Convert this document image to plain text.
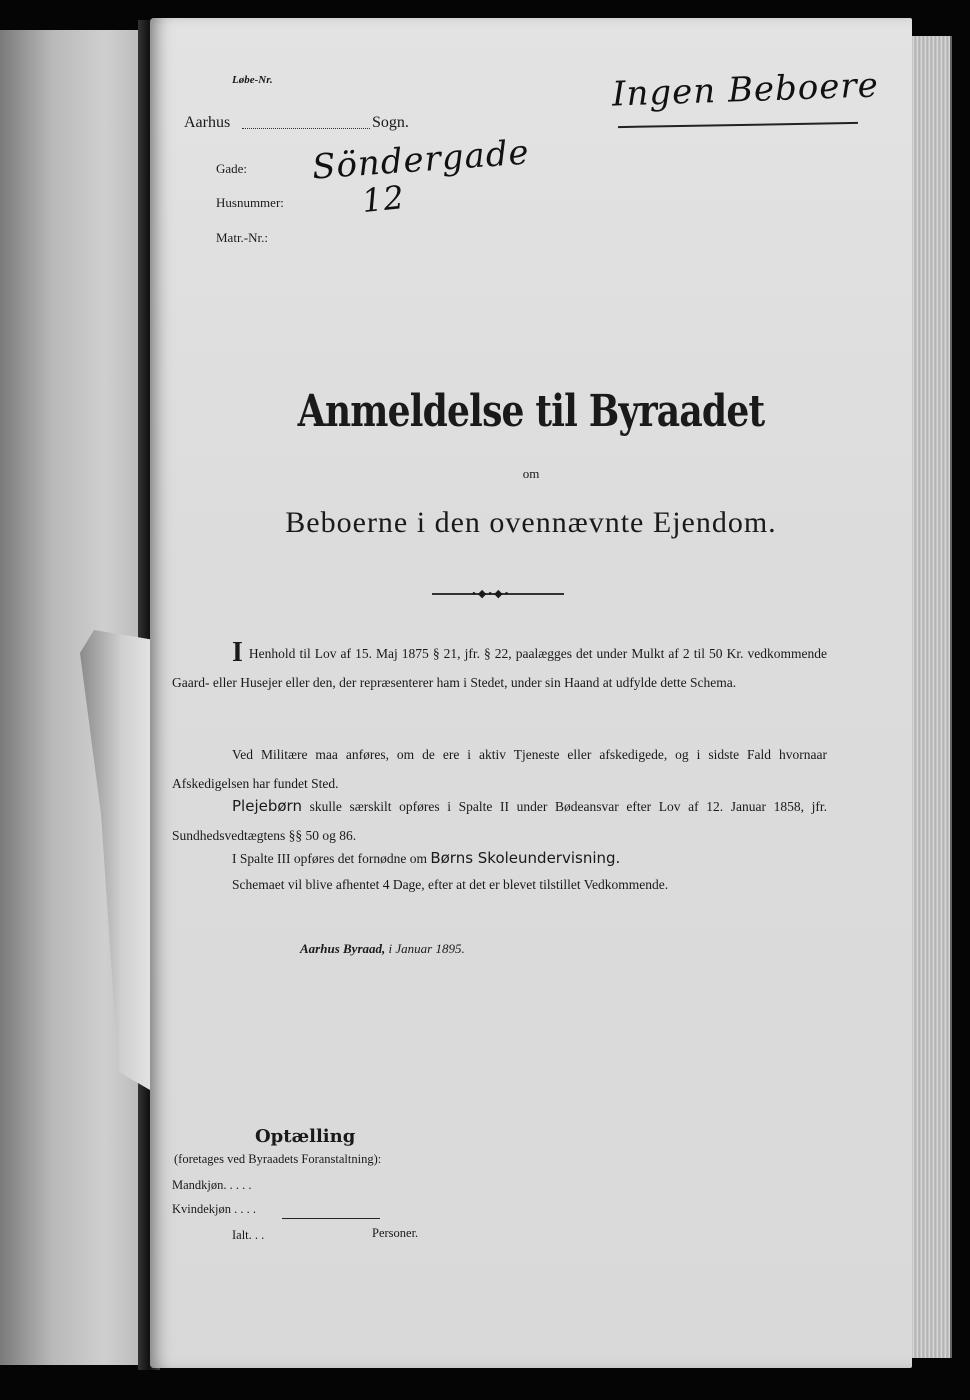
Løbe-Nr.
Aarhus	Sogn.
Gade: Söndergade
Husnummer: 12
Matr.-Nr.:
Ingen Beboere
Anmeldelse til Byraadet
om
Beboerne i den ovennævnte Ejendom.
•◆•◆•
I Henhold til Lov af 15. Maj 1875 § 21, jfr. § 22, paalægges det under Mulkt af 2 til 50 Kr. vedkommende Gaard- eller Husejer eller den, der repræsenterer ham i Stedet, under sin Haand at udfylde dette Schema.
Ved Militære maa anføres, om de ere i aktiv Tjeneste eller afskedigede, og i sidste Fald hvornaar Afskedigelsen har fundet Sted.
Plejebørn skulle særskilt opføres i Spalte II under Bødeansvar efter Lov af 12. Januar 1858, jfr. Sundhedsvedtægtens §§ 50 og 86.
I Spalte III opføres det fornødne om Børns Skoleundervisning.
Schemaet vil blive afhentet 4 Dage, efter at det er blevet tilstillet Vedkommende.
Aarhus Byraad, i Januar 1895.
Optælling
(foretages ved Byraadets Foranstaltning):
Mandkjøn. . . . .
Kvindekjøn . . . .
Ialt. . .	Personer.
